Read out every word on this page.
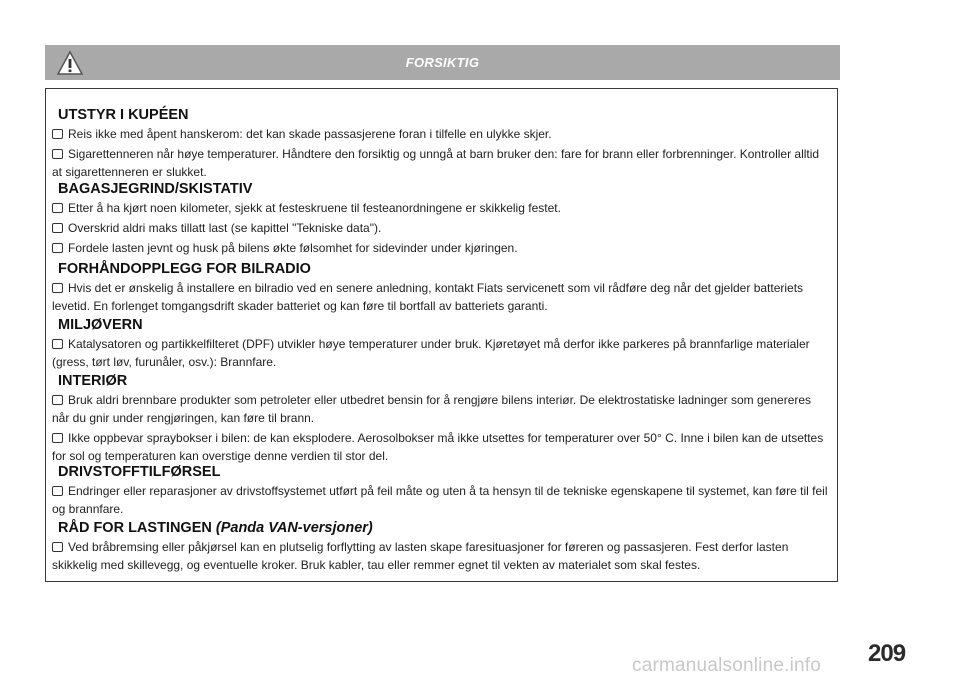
FORSIKTIG
UTSTYR I KUPÉEN
Reis ikke med åpent hanskerom: det kan skade passasjerene foran i tilfelle en ulykke skjer.
Sigarettenneren når høye temperaturer. Håndtere den forsiktig og unngå at barn bruker den: fare for brann eller forbrenninger. Kontroller alltid at sigarettenneren er slukket.
BAGASJEGRIND/SKISTATIV
Etter å ha kjørt noen kilometer, sjekk at festeskruene til festeanordningene er skikkelig festet.
Overskrid aldri maks tillatt last (se kapittel "Tekniske data").
Fordele lasten jevnt og husk på bilens økte følsomhet for sidevinder under kjøringen.
FORHÅNDOPPLEGG FOR BILRADIO
Hvis det er ønskelig å installere en bilradio ved en senere anledning, kontakt Fiats servicenett som vil rådføre deg når det gjelder batteriets levetid. En forlenget tomgangsdrift skader batteriet og kan føre til bortfall av batteriets garanti.
MILJØVERN
Katalysatoren og partikkelfilteret (DPF) utvikler høye temperaturer under bruk. Kjøretøyet må derfor ikke parkeres på brannfarlige materialer (gress, tørt løv, furunåler, osv.): Brannfare.
INTERIØR
Bruk aldri brennbare produkter som petroleter eller utbedret bensin for å rengjøre bilens interiør. De elektrostatiske ladninger som genereres når du gnir under rengjøringen, kan føre til brann.
Ikke oppbevar spraybokser i bilen: de kan eksplodere. Aerosolbokser må ikke utsettes for temperaturer over 50° C. Inne i bilen kan de utsettes for sol og temperaturen kan overstige denne verdien til stor del.
DRIVSTOFFTILFØRSEL
Endringer eller reparasjoner av drivstoffsystemet utført på feil måte og uten å ta hensyn til de tekniske egenskapene til systemet, kan føre til feil og brannfare.
RÅD FOR LASTINGEN (Panda VAN-versjoner)
Ved bråbremsing eller påkjørsel kan en plutselig forflytting av lasten skape faresituasjoner for føreren og passasjeren. Fest derfor lasten skikkelig med skillevegg, og eventuelle kroker. Bruk kabler, tau eller remmer egnet til vekten av materialet som skal festes.
209
carmanualsonline.info
